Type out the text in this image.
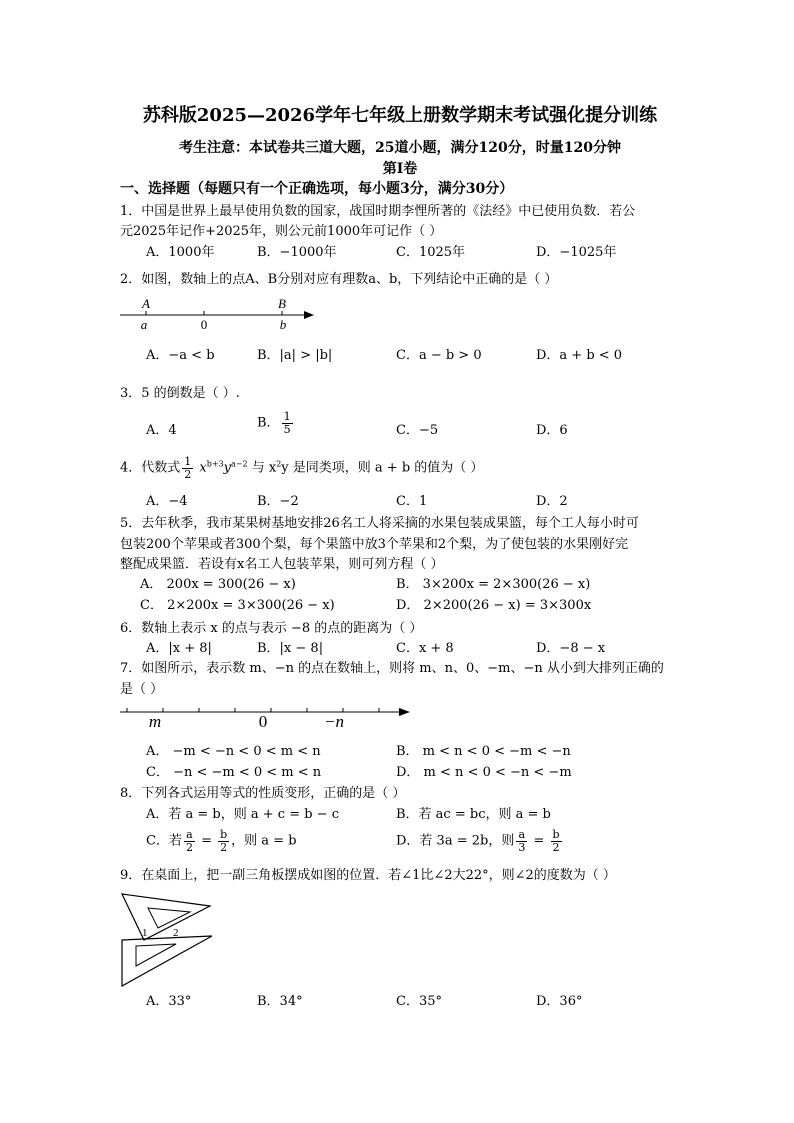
苏科版2025—2026学年七年级上册数学期末考试强化提分训练
考生注意：本试卷共三道大题，25道小题，满分120分，时量120分钟
第Ⅰ卷
一、选择题（每题只有一个正确选项，每小题3分，满分30分）
1．中国是世界上最早使用负数的国家，战国时期李悝所著的《法经》中已使用负数．若公
元2025年记作+2025年，则公元前1000年可记作（ ）
A．1000年	B．−1000年	C．1025年	D．−1025年
2．如图，数轴上的点A、B分别对应有理数a、b，下列结论中正确的是（ ）
A	B
a	0	b
A．−a < b	B．|a| > |b|	C．a − b > 0	D．a + b < 0
3．5 的倒数是（ ）.
A．4	B． $\frac{1}{5}$	C．−5	D．6
4．代数式 $\frac{1}{2} x^{b+3}y^{a-2}$ 与 $x^2y$ 是同类项，则 a + b 的值为（ ）
A．−4	B．−2	C．1	D．2
5．去年秋季，我市某果树基地安排26名工人将采摘的水果包装成果篮，每个工人每小时可
包装200个苹果或者300个梨，每个果篮中放3个苹果和2个梨，为了使包装的水果刚好完
整配成果篮．若设有x名工人包装苹果，则可列方程（ ）
A． 200x = 300(26 − x)	B． 3×200x = 2×300(26 − x)
C． 2×200x = 3×300(26 − x)	D． 2×200(26 − x) = 3×300x
6．数轴上表示 x 的点与表示 −8 的点的距离为（ ）
A．|x + 8|	B．|x − 8|	C．x + 8	D．−8 − x
7．如图所示，表示数 m、−n 的点在数轴上，则将 m、n、0、−m、−n 从小到大排列正确的
是（ ）
m	0	−n
A． −m < −n < 0 < m < n	B． m < n < 0 < −m < −n
C． −n < −m < 0 < m < n	D． m < n < 0 < −n < −m
8．下列各式运用等式的性质变形，正确的是（ ）
A．若 a = b，则 a + c = b − c	B．若 ac = bc，则 a = b
C．若 $\frac{a}{2} = \frac{b}{2}$ ，则 a = b	D．若 3a = 2b，则 $\frac{a}{3} = \frac{b}{2}$
9．在桌面上，把一副三角板摆成如图的位置．若∠1比∠2大22°，则∠2的度数为（ ）
1 2
A．33°	B．34°	C．35°	D．36°
